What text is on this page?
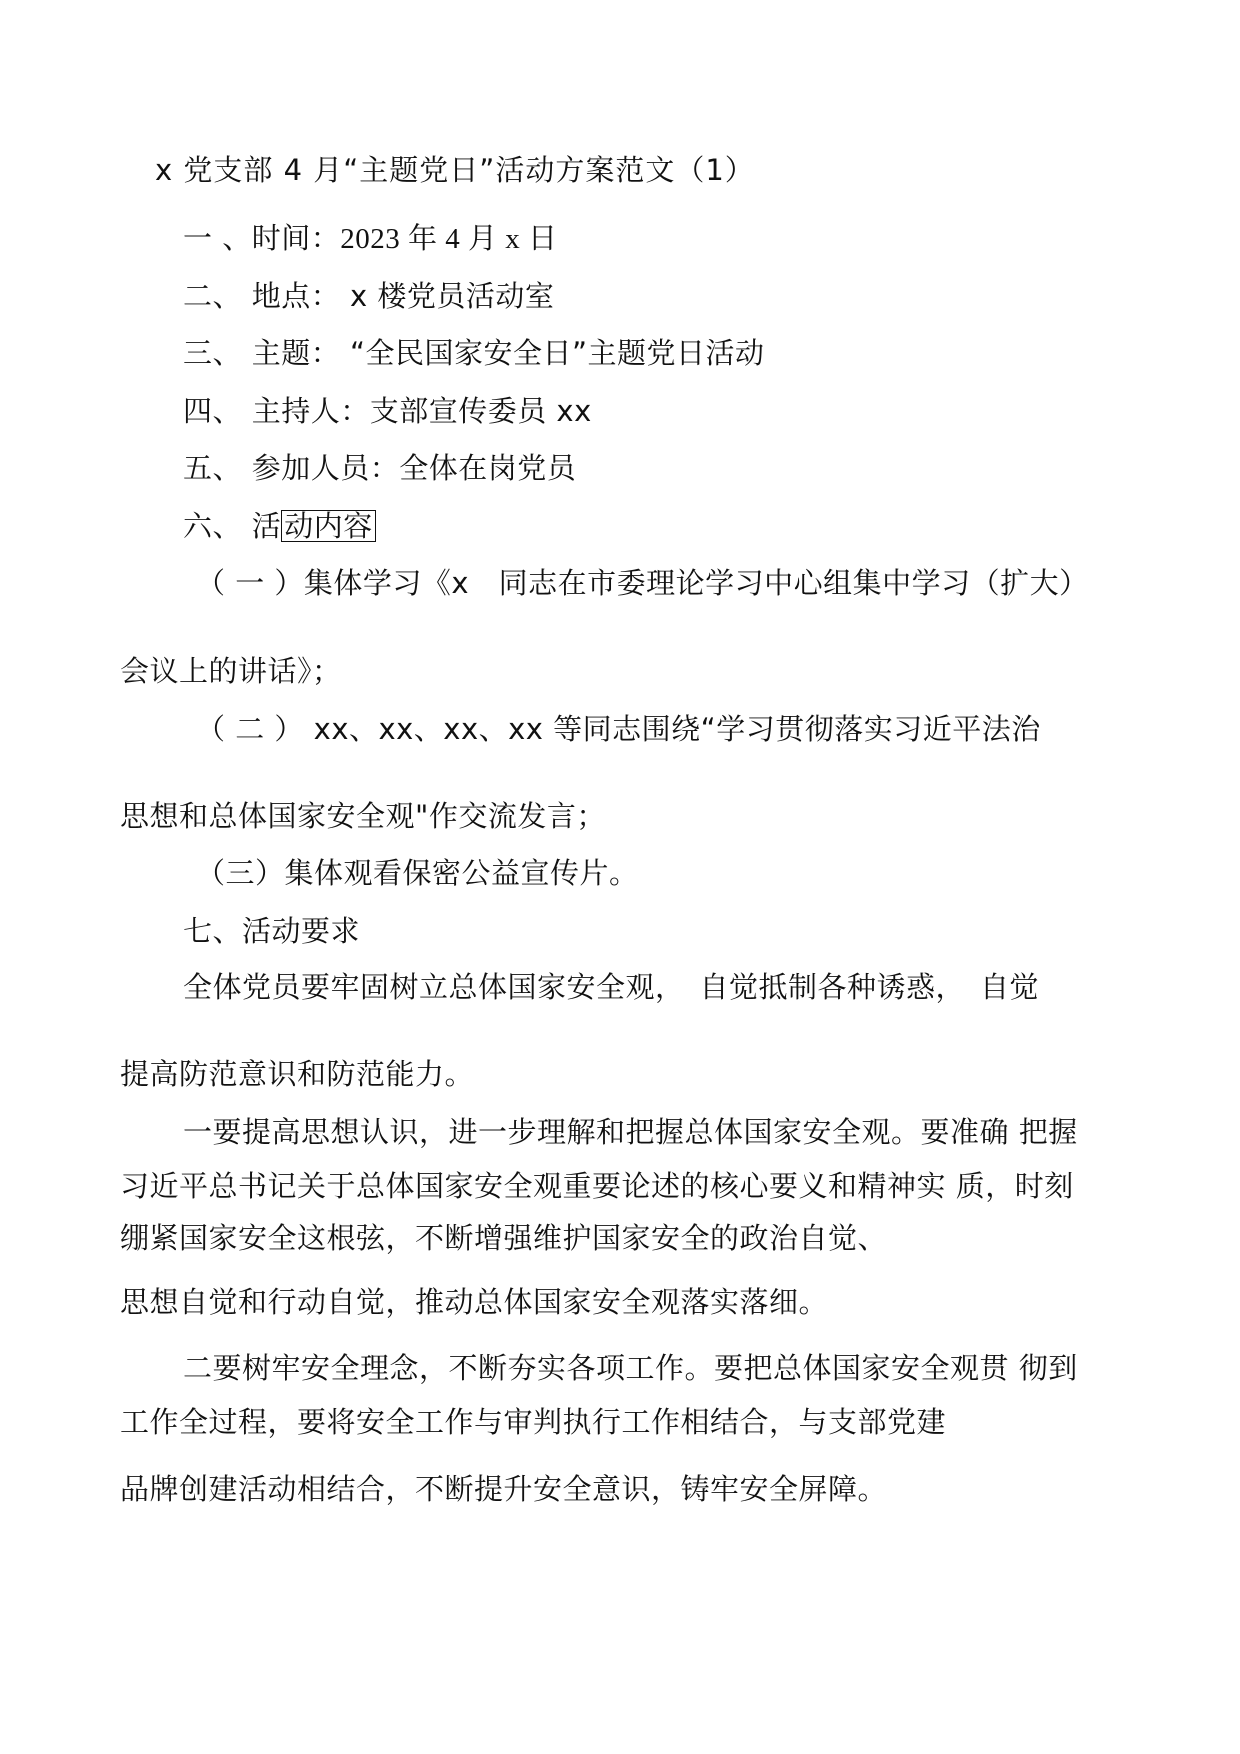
x 党支部 4 月“主题党日”活动方案范文（1）
一 、时间：2023 年 4 月 x 日
二、 地点： x 楼党员活动室
三、 主题： “全民国家安全日”主题党日活动
四、 主持人：支部宣传委员 xx
五、 参加人员：全体在岗党员
六、 活 动内容
（ 一 ）集体学习《x　同志在市委理论学习中心组集中学习（扩大）
会议上的讲话》；
（ 二 ） xx、xx、xx、xx 等同志围绕“学习贯彻落实习近平法治
思想和总体国家安全观"作交流发言；
（三）集体观看保密公益宣传片。
七、活动要求
全体党员要牢固树立总体国家安全观，　自觉抵制各种诱惑，　自觉
提高防范意识和防范能力。
一要提高思想认识，进一步理解和把握总体国家安全观。要准确 把握
习近平总书记关于总体国家安全观重要论述的核心要义和精神实 质，时刻
绷紧国家安全这根弦，不断增强维护国家安全的政治自觉、
思想自觉和行动自觉，推动总体国家安全观落实落细。
二要树牢安全理念，不断夯实各项工作。要把总体国家安全观贯 彻到
工作全过程，要将安全工作与审判执行工作相结合，与支部党建
品牌创建活动相结合，不断提升安全意识，铸牢安全屏障。
